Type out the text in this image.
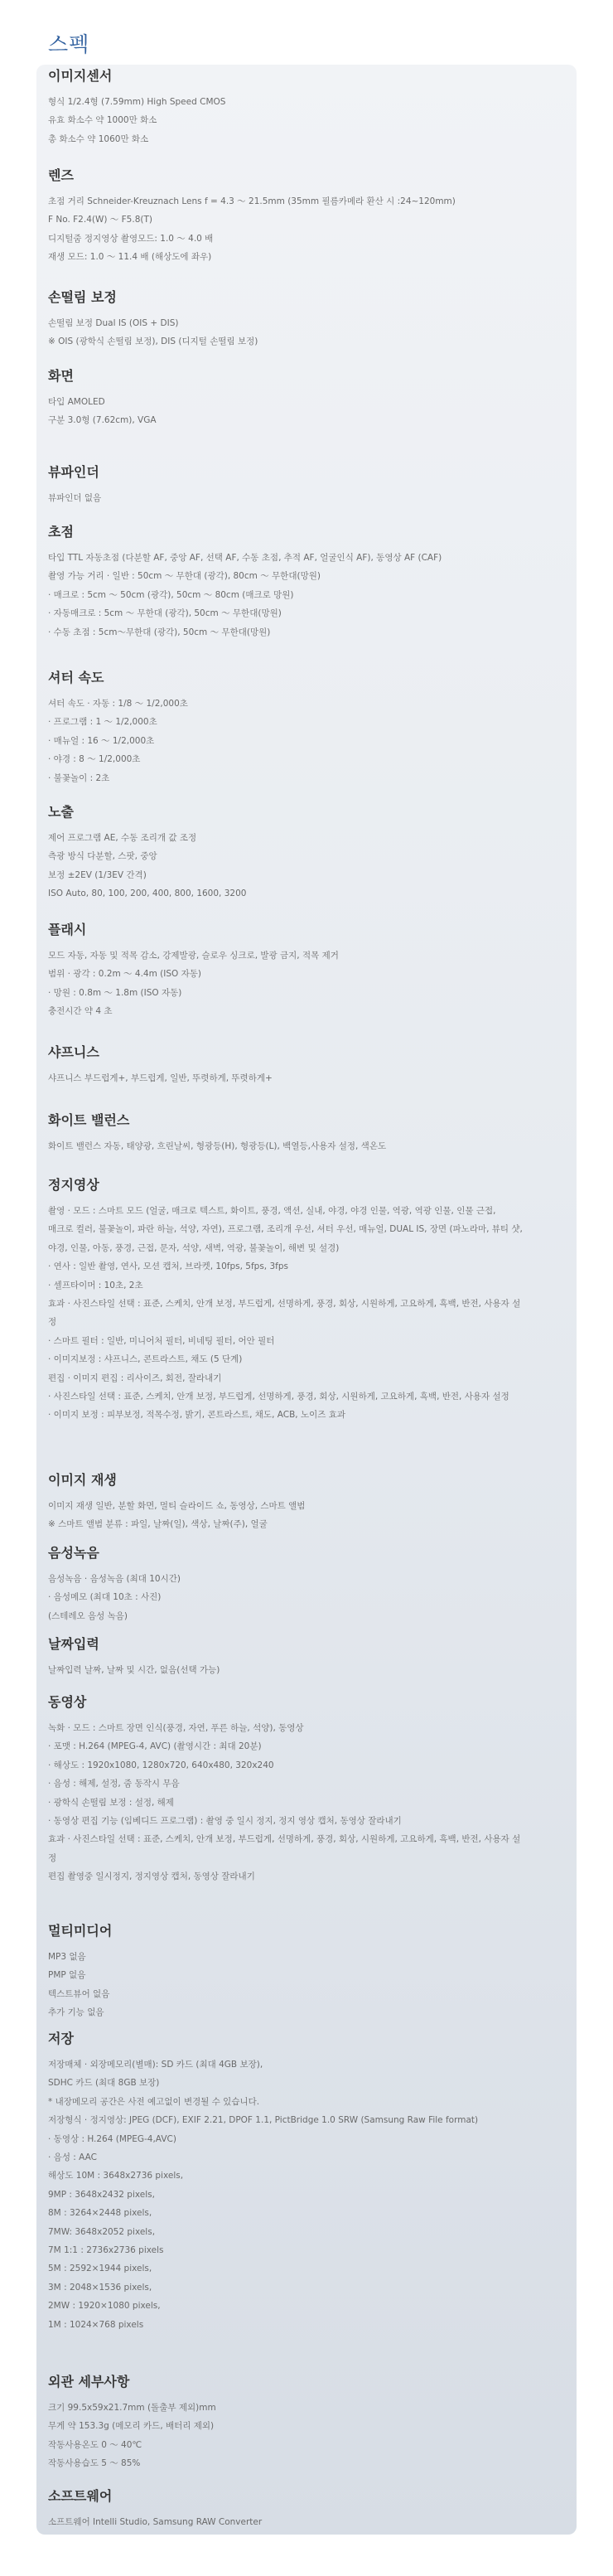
스펙
이미지센서
형식 1/2.4형 (7.59mm) High Speed CMOS
유효 화소수 약 1000만 화소
총 화소수 약 1060만 화소
렌즈
초점 거리 Schneider-Kreuznach Lens f = 4.3 ～ 21.5mm (35mm 필름카메라 환산 시 :24~120mm)
F No. F2.4(W) ～ F5.8(T)
디지털줌 정지영상 촬영모드: 1.0 ～ 4.0 배
재생 모드: 1.0 ～ 11.4 배 (해상도에 좌우)
손떨림 보정
손떨림 보정 Dual IS (OIS + DIS)
※ OIS (광학식 손떨림 보정), DIS (디지털 손떨림 보정)
화면
타입 AMOLED
구분 3.0형 (7.62cm), VGA
뷰파인더
뷰파인더 없음
초점
타입 TTL 자동초점 (다분할 AF, 중앙 AF, 선택 AF, 수동 초점, 추적 AF, 얼굴인식 AF), 동영상 AF (CAF)
촬영 가능 거리 · 일반 : 50cm ～ 무한대 (광각), 80cm ～ 무한대(망원)
· 매크로 : 5cm ～ 50cm (광각), 50cm ～ 80cm (매크로 망원)
· 자동매크로 : 5cm ～ 무한대 (광각), 50cm ～ 무한대(망원)
· 수동 초점 : 5cm～무한대 (광각), 50cm ～ 무한대(망원)
셔터 속도
셔터 속도 · 자동 : 1/8 ～ 1/2,000초
· 프로그램 : 1 ～ 1/2,000초
· 매뉴얼 : 16 ～ 1/2,000초
· 야경 : 8 ～ 1/2,000초
· 불꽃놀이 : 2초
노출
제어 프로그램 AE, 수동 조리개 값 조정
측광 방식 다분할, 스팟, 중앙
보정 ±2EV (1/3EV 간격)
ISO Auto, 80, 100, 200, 400, 800, 1600, 3200
플래시
모드 자동, 자동 및 적목 감소, 강제발광, 슬로우 싱크로, 발광 금지, 적목 제거
범위 · 광각 : 0.2m ～ 4.4m (ISO 자동)
· 망원 : 0.8m ～ 1.8m (ISO 자동)
충전시간 약 4 초
샤프니스
샤프니스 부드럽게+, 부드럽게, 일반, 뚜렷하게, 뚜렷하게+
화이트 밸런스
화이트 밸런스 자동, 태양광, 흐린날씨, 형광등(H), 형광등(L), 백열등,사용자 설정, 색온도
정지영상
촬영 · 모드 : 스마트 모드 (얼굴, 매크로 텍스트, 화이트, 풍경, 액션, 실내, 야경, 야경 인물, 역광, 역광 인물, 인물 근접,
매크로 컬러, 불꽃놀이, 파란 하늘, 석양, 자연), 프로그램, 조리개 우선, 셔터 우선, 매뉴얼, DUAL IS, 장면 (파노라마, 뷰티 샷,
야경, 인물, 아동, 풍경, 근접, 문자, 석양, 새벽, 역광, 불꽃놀이, 해변 및 설경)
· 연사 : 일반 촬영, 연사, 모션 캡처, 브라켓, 10fps, 5fps, 3fps
· 셀프타이머 : 10초, 2초
효과 · 사진스타일 선택 : 표준, 스케치, 안개 보정, 부드럽게, 선명하게, 풍경, 회상, 시원하게, 고요하게, 흑백, 반전, 사용자 설
정
· 스마트 필터 : 일반, 미니어처 필터, 비네팅 필터, 어안 필터
· 이미지보정 : 샤프니스, 콘트라스트, 채도 (5 단계)
편집 · 이미지 편집 : 리사이즈, 회전, 잘라내기
· 사진스타일 선택 : 표준, 스케치, 안개 보정, 부드럽게, 선명하게, 풍경, 회상, 시원하게, 고요하게, 흑백, 반전, 사용자 설정
· 이미지 보정 : 피부보정, 적목수정, 밝기, 콘트라스트, 채도, ACB, 노이즈 효과
이미지 재생
이미지 재생 일반, 분할 화면, 멀티 슬라이드 쇼, 동영상, 스마트 앨범
※ 스마트 앨범 분류 : 파일, 날짜(일), 색상, 날짜(주), 얼굴
음성녹음
음성녹음 · 음성녹음 (최대 10시간)
· 음성메모 (최대 10초 : 사진)
(스테레오 음성 녹음)
날짜입력
날짜입력 날짜, 날짜 및 시간, 없음(선택 가능)
동영상
녹화 · 모드 : 스마트 장면 인식(풍경, 자연, 푸른 하늘, 석양), 동영상
· 포맷 : H.264 (MPEG-4, AVC) (촬영시간 : 최대 20분)
· 해상도 : 1920x1080, 1280x720, 640x480, 320x240
· 음성 : 해제, 설정, 줌 동작시 무음
· 광학식 손떨림 보정 : 설정, 해제
· 동영상 편집 기능 (임베디드 프로그램) : 촬영 중 일시 정지, 정지 영상 캡처, 동영상 잘라내기
효과 · 사진스타일 선택 : 표준, 스케치, 안개 보정, 부드럽게, 선명하게, 풍경, 회상, 시원하게, 고요하게, 흑백, 반전, 사용자 설
정
편집 촬영중 일시정지, 정지영상 캡처, 동영상 잘라내기
멀티미디어
MP3 없음
PMP 없음
텍스트뷰어 없음
추가 기능 없음
저장
저장매체 · 외장메모리(별매): SD 카드 (최대 4GB 보장),
SDHC 카드 (최대 8GB 보장)
* 내장메모리 공간은 사전 예고없이 변경될 수 있습니다.
저장형식 · 정지영상: JPEG (DCF), EXIF 2.21, DPOF 1.1, PictBridge 1.0 SRW (Samsung Raw File format)
· 동영상 : H.264 (MPEG-4,AVC)
· 음성 : AAC
해상도 10M : 3648x2736 pixels,
9MP : 3648x2432 pixels,
8M : 3264×2448 pixels,
7MW: 3648x2052 pixels,
7M 1:1 : 2736x2736 pixels
5M : 2592×1944 pixels,
3M : 2048×1536 pixels,
2MW : 1920×1080 pixels,
1M : 1024×768 pixels
외관 세부사항
크기 99.5x59x21.7mm (돌출부 제외)mm
무게 약 153.3g (메모리 카드, 배터리 제외)
작동사용온도 0 ～ 40℃
작동사용습도 5 ～ 85%
소프트웨어
소프트웨어 Intelli Studio, Samsung RAW Converter
